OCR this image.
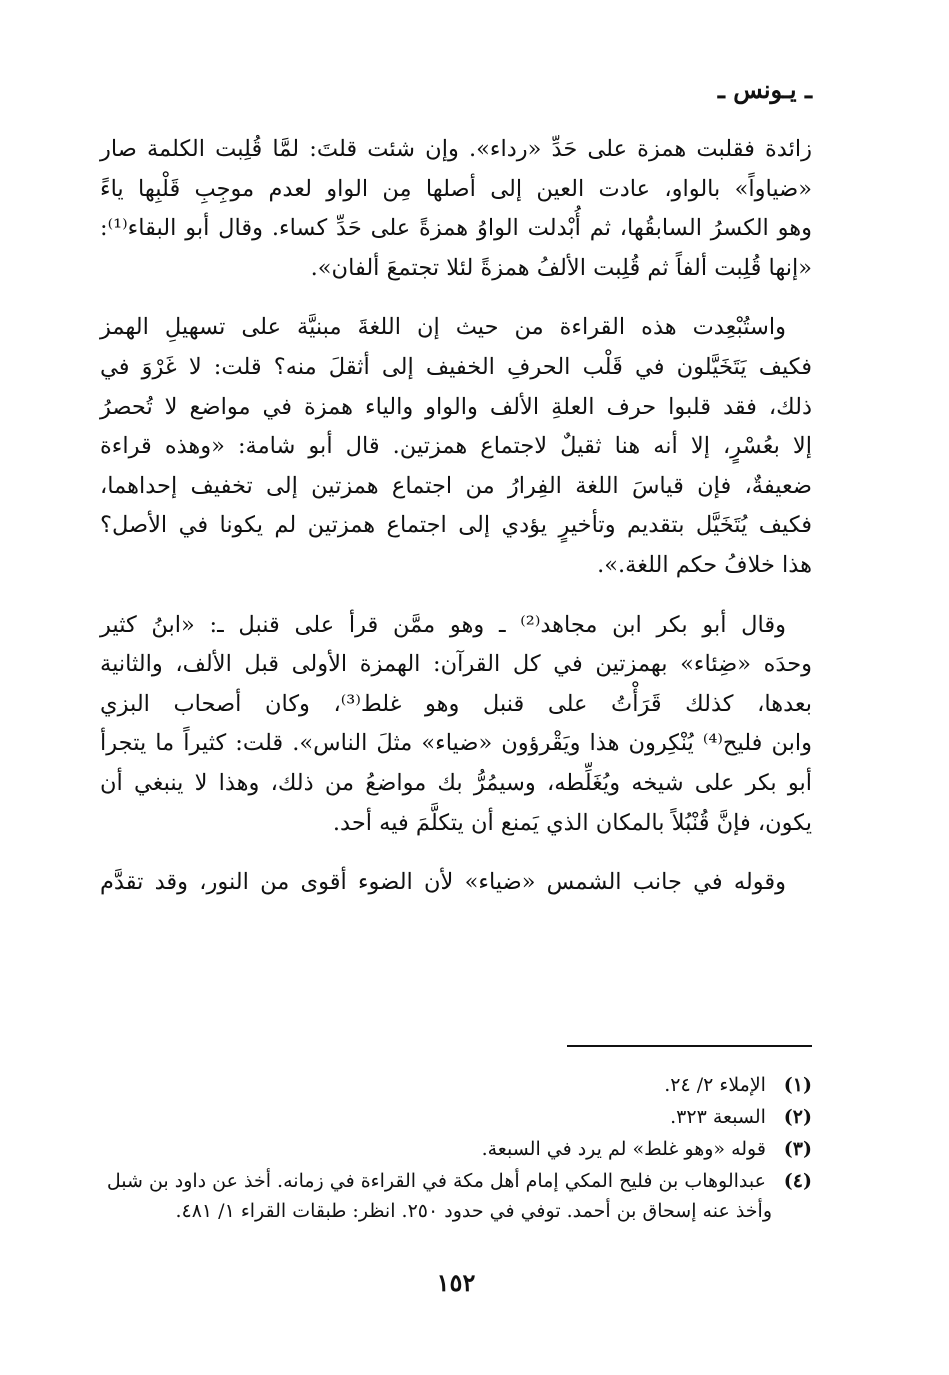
ـ يـونس ـ

زائدة فقلبت همزة على حَدِّ «رداء». وإن شئت قلتَ: لمَّا قُلِبت الكلمة صار
«ضياواً» بالواو، عادت العين إلى أصلها مِن الواو لعدم موجِبِ قَلْبِها ياءً
وهو الكسرُ السابقُها، ثم أُبْدلت الواوُ همزةً على حَدِّ كساء. وقال أبو البقاء⁽¹⁾:
«إنها قُلِبت ألفاً ثم قُلِبت الألفُ همزةً لئلا تجتمعَ ألفان».

واستُبْعِدت هذه القراءة من حيث إن اللغةَ مبنيَّة على تسهيلِ الهمز
فكيف يَتَخَيَّلون في قَلْب الحرفِ الخفيف إلى أثقلَ منه؟ قلت: لا غَرْوَ في
ذلك، فقد قلبوا حرف العلةِ الألف والواو والياء همزة في مواضع لا تُحصرُ
إلا بعُسْرٍ، إلا أنه هنا ثقيلٌ لاجتماع همزتين. قال أبو شامة: «وهذه قراءة
ضعيفةٌ، فإن قياسَ اللغة الفِرارُ من اجتماع همزتين إلى تخفيف إحداهما،
فكيف يُتَخَيَّل بتقديم وتأخيرٍ يؤدي إلى اجتماع همزتين لم يكونا في الأصل؟
هذا خلافُ حكم اللغة.».

وقال أبو بكر ابن مجاهد⁽²⁾ ـ وهو ممَّن قرأ على قنبل ـ: «ابنُ كثير
وحدَه «ضِئاء» بهمزتين في كل القرآن: الهمزة الأولى قبل الألف، والثانية
بعدها، كذلك قَرَأْتُ على قنبل وهو غلط⁽³⁾، وكان أصحاب البزي
وابن فليح⁽⁴⁾ يُنْكِرون هذا ويَقْرؤون «ضياء» مثلَ الناس». قلت: كثيراً ما يتجرأ
أبو بكر على شيخه ويُغَلِّطه، وسيمُرُّ بك مواضعُ من ذلك، وهذا لا ينبغي أن
يكون، فإنَّ قُنْبُلاً بالمكان الذي يَمنع أن يتكلَّمَ فيه أحد.

وقوله في جانب الشمس «ضياء» لأن الضوء أقوى من النور، وقد تقدَّم

(١) الإملاء ٢/ ٢٤.
(٢) السبعة ٣٢٣.
(٣) قوله «وهو غلط» لم يرد في السبعة.
(٤) عبدالوهاب بن فليح المكي إمام أهل مكة في القراءة في زمانه. أخذ عن داود بن شبل
وأخذ عنه إسحاق بن أحمد. توفي في حدود ٢٥٠. انظر: طبقات القراء ١/ ٤٨١.
١٥٢
